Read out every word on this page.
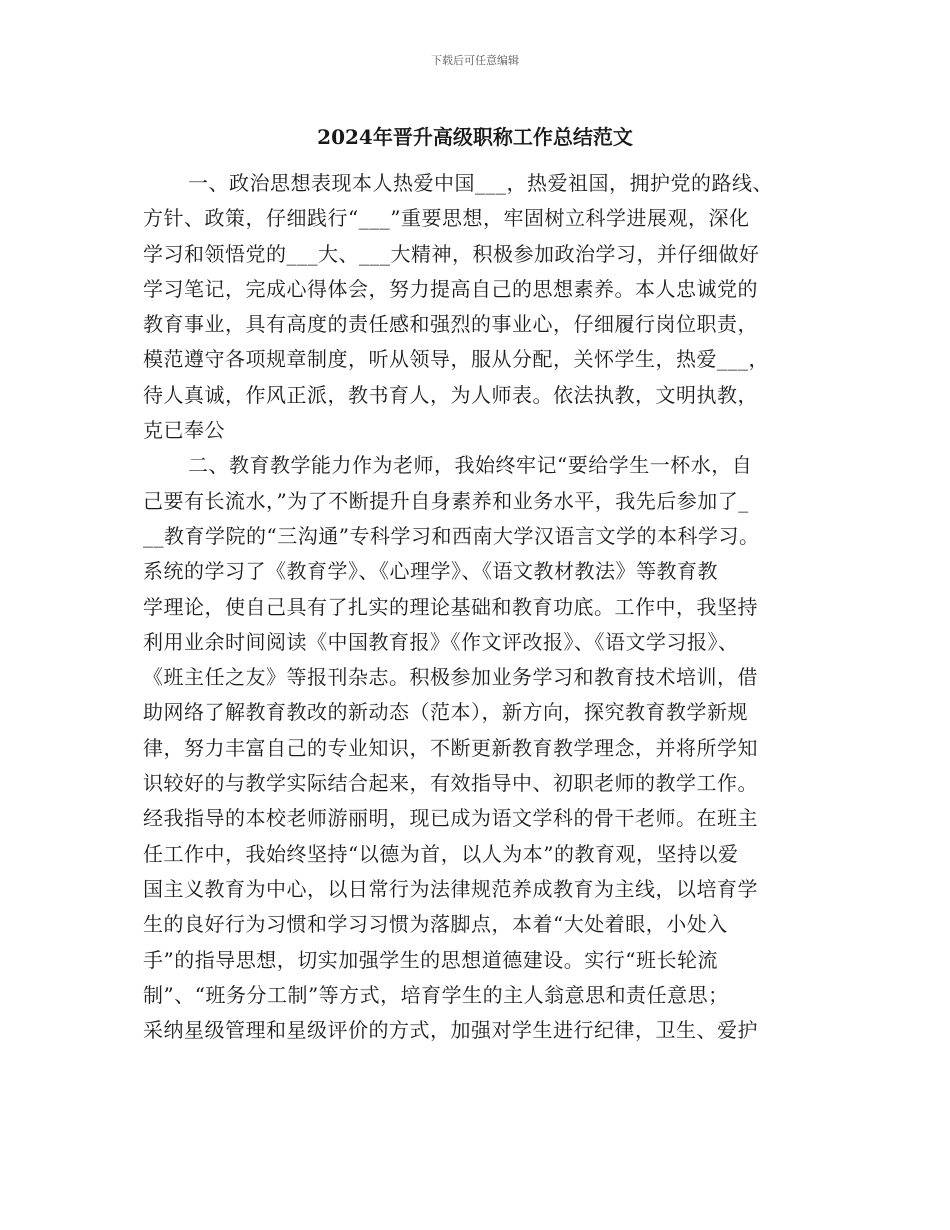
下载后可任意编辑
2024年晋升高级职称工作总结范文
一、政治思想表现本人热爱中国___，热爱祖国，拥护党的路线、
方针、政策，仔细践行“___”重要思想，牢固树立科学进展观，深化
学习和领悟党的___大、___大精神，积极参加政治学习，并仔细做好
学习笔记，完成心得体会，努力提高自己的思想素养。本人忠诚党的
教育事业，具有高度的责任感和强烈的事业心，仔细履行岗位职责，
模范遵守各项规章制度，听从领导，服从分配，关怀学生，热爱___，
待人真诚，作风正派，教书育人，为人师表。依法执教，文明执教，
克已奉公
二、教育教学能力作为老师，我始终牢记“要给学生一杯水，自
己要有长流水，”为了不断提升自身素养和业务水平，我先后参加了_
__教育学院的“三沟通”专科学习和西南大学汉语言文学的本科学习。
系统的学习了《教育学》、《心理学》、《语文教材教法》等教育教
学理论，使自己具有了扎实的理论基础和教育功底。工作中，我坚持
利用业余时间阅读《中国教育报》《作文评改报》、《语文学习报》、
《班主任之友》等报刊杂志。积极参加业务学习和教育技术培训，借
助网络了解教育教改的新动态（范本），新方向，探究教育教学新规
律，努力丰富自己的专业知识，不断更新教育教学理念，并将所学知
识较好的与教学实际结合起来，有效指导中、初职老师的教学工作。
经我指导的本校老师游丽明，现已成为语文学科的骨干老师。在班主
任工作中，我始终坚持“以德为首，以人为本”的教育观，坚持以爱
国主义教育为中心，以日常行为法律规范养成教育为主线，以培育学
生的良好行为习惯和学习习惯为落脚点，本着“大处着眼，小处入
手”的指导思想，切实加强学生的思想道德建设。实行“班长轮流
制”、“班务分工制”等方式，培育学生的主人翁意思和责任意思；
采纳星级管理和星级评价的方式，加强对学生进行纪律，卫生、爱护
